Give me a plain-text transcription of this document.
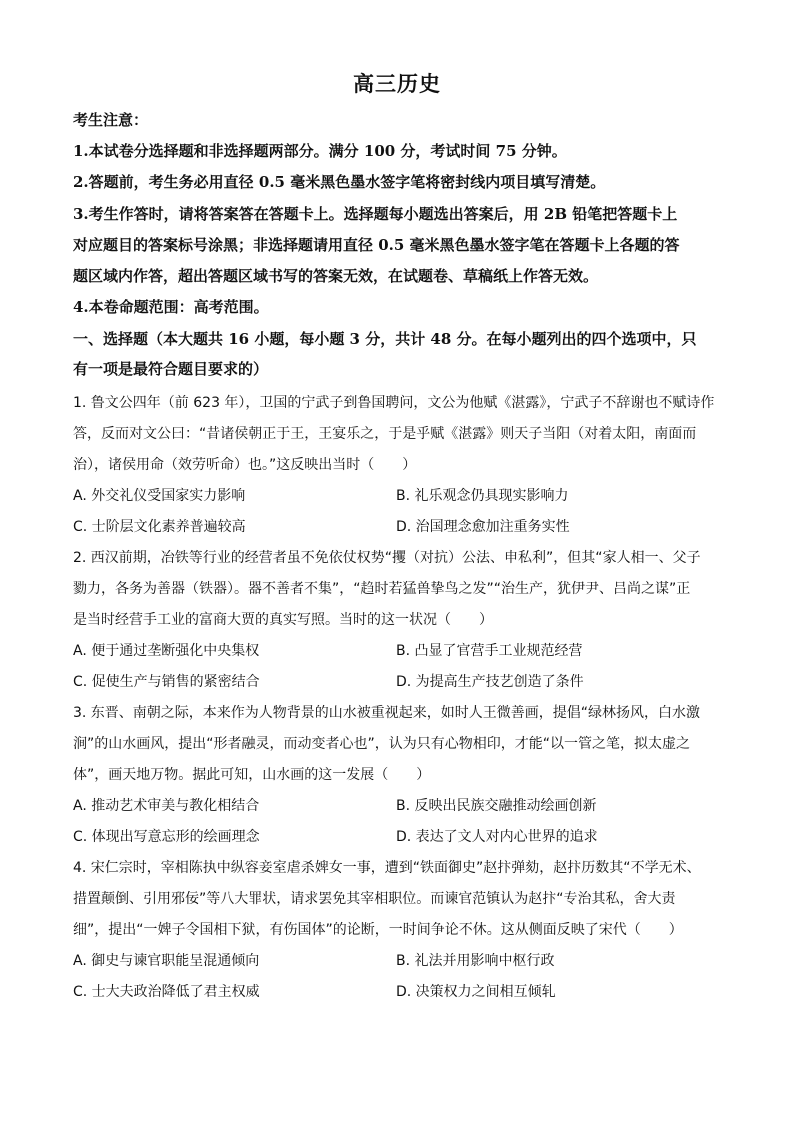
高三历史
考生注意：
1.本试卷分选择题和非选择题两部分。满分 100 分，考试时间 75 分钟。
2.答题前，考生务必用直径 0.5 毫米黑色墨水签字笔将密封线内项目填写清楚。
3.考生作答时，请将答案答在答题卡上。选择题每小题选出答案后，用 2B 铅笔把答题卡上
对应题目的答案标号涂黑；非选择题请用直径 0.5 毫米黑色墨水签字笔在答题卡上各题的答
题区域内作答，超出答题区域书写的答案无效，在试题卷、草稿纸上作答无效。
4.本卷命题范围：高考范围。
一、选择题（本大题共 16 小题，每小题 3 分，共计 48 分。在每小题列出的四个选项中，只
有一项是最符合题目要求的）
1. 鲁文公四年（前 623 年），卫国的宁武子到鲁国聘问，文公为他赋《湛露》，宁武子不辞谢也不赋诗作
答，反而对文公曰：“昔诸侯朝正于王，王宴乐之，于是乎赋《湛露》则天子当阳（对着太阳，南面而
治），诸侯用命（效劳听命）也。”这反映出当时（　　）
A. 外交礼仪受国家实力影响	B. 礼乐观念仍具现实影响力
C. 士阶层文化素养普遍较高	D. 治国理念愈加注重务实性
2. 西汉前期，冶铁等行业的经营者虽不免依仗权势“攫（对抗）公法、申私利”，但其“家人相一、父子
勠力，各务为善器（铁器）。器不善者不集”，“趋时若猛兽挚鸟之发”“治生产，犹伊尹、吕尚之谋”正
是当时经营手工业的富商大贾的真实写照。当时的这一状况（　　）
A. 便于通过垄断强化中央集权	B. 凸显了官营手工业规范经营
C. 促使生产与销售的紧密结合	D. 为提高生产技艺创造了条件
3. 东晋、南朝之际，本来作为人物背景的山水被重视起来，如时人王微善画，提倡“绿林扬风，白水激
涧”的山水画风，提出“形者融灵，而动变者心也”，认为只有心物相印，才能“以一管之笔，拟太虚之
体”，画天地万物。据此可知，山水画的这一发展（　　）
A. 推动艺术审美与教化相结合	B. 反映出民族交融推动绘画创新
C. 体现出写意忘形的绘画理念	D. 表达了文人对内心世界的追求
4. 宋仁宗时，宰相陈执中纵容妾室虐杀婢女一事，遭到“铁面御史”赵抃弹劾，赵抃历数其“不学无术、
措置颠倒、引用邪佞”等八大罪状，请求罢免其宰相职位。而谏官范镇认为赵抃“专治其私，舍大责
细”，提出“一婢子令国相下狱，有伤国体”的论断，一时间争论不休。这从侧面反映了宋代（　　）
A. 御史与谏官职能呈混通倾向	B. 礼法并用影响中枢行政
C. 士大夫政治降低了君主权威	D. 决策权力之间相互倾轧
